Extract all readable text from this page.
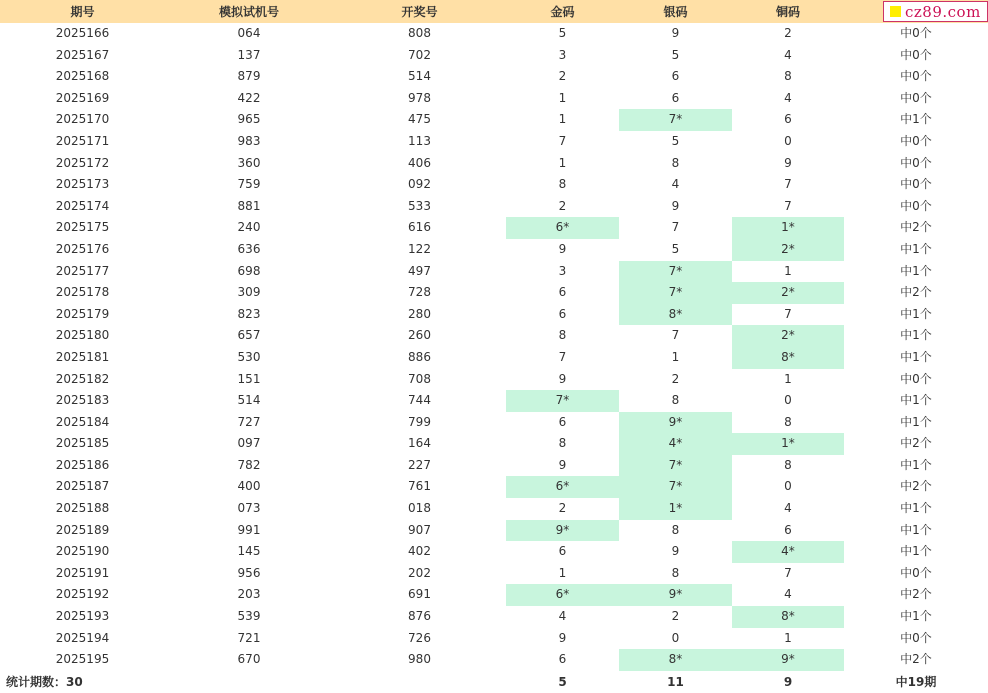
期号	模拟试机号	开奖号	金码	银码	铜码	
2025166	064	808	5	9	2	中0个
2025167	137	702	3	5	4	中0个
2025168	879	514	2	6	8	中0个
2025169	422	978	1	6	4	中0个
2025170	965	475	1	7*	6	中1个
2025171	983	113	7	5	0	中0个
2025172	360	406	1	8	9	中0个
2025173	759	092	8	4	7	中0个
2025174	881	533	2	9	7	中0个
2025175	240	616	6*	7	1*	中2个
2025176	636	122	9	5	2*	中1个
2025177	698	497	3	7*	1	中1个
2025178	309	728	6	7*	2*	中2个
2025179	823	280	6	8*	7	中1个
2025180	657	260	8	7	2*	中1个
2025181	530	886	7	1	8*	中1个
2025182	151	708	9	2	1	中0个
2025183	514	744	7*	8	0	中1个
2025184	727	799	6	9*	8	中1个
2025185	097	164	8	4*	1*	中2个
2025186	782	227	9	7*	8	中1个
2025187	400	761	6*	7*	0	中2个
2025188	073	018	2	1*	4	中1个
2025189	991	907	9*	8	6	中1个
2025190	145	402	6	9	4*	中1个
2025191	956	202	1	8	7	中0个
2025192	203	691	6*	9*	4	中2个
2025193	539	876	4	2	8*	中1个
2025194	721	726	9	0	1	中0个
2025195	670	980	6	8*	9*	中2个
统计期数：30			5	11	9	中19期
cz89.com
